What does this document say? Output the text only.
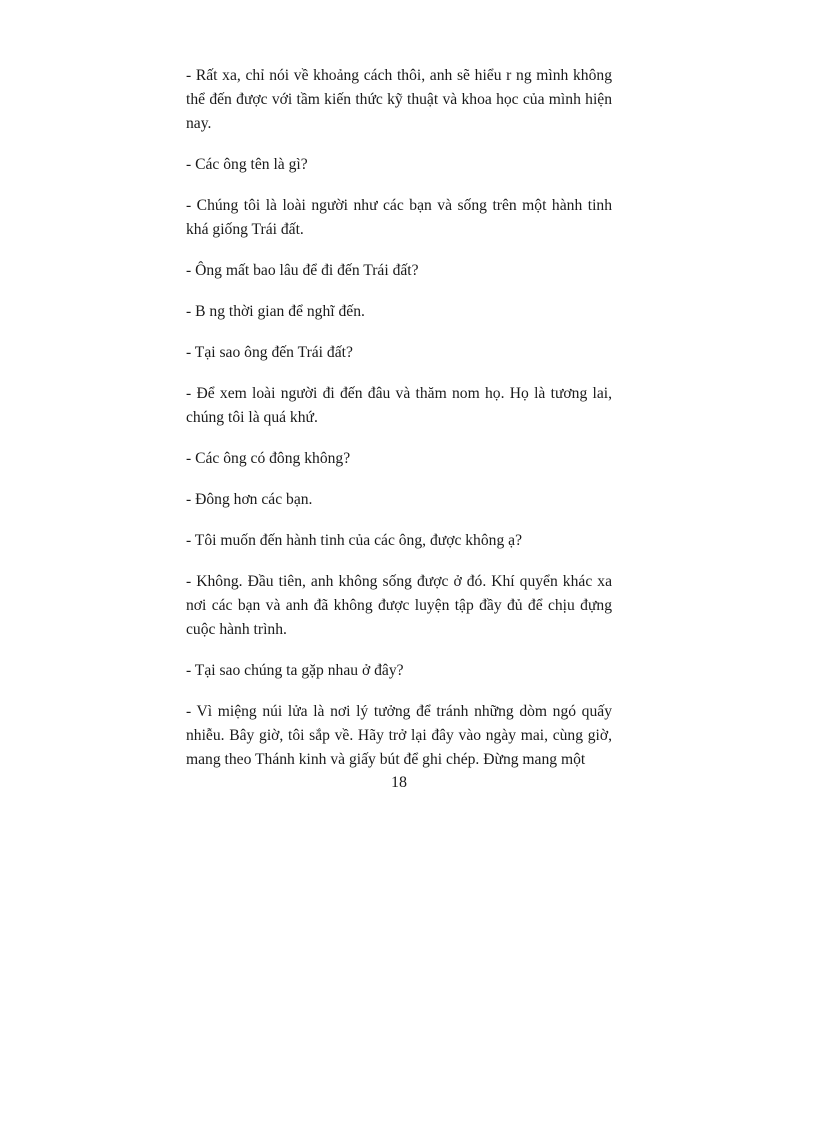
- Rất xa, chỉ nói về khoảng cách thôi, anh sẽ hiểu r ng mình không thể đến được với tầm kiến thức kỹ thuật và khoa học của mình hiện nay.

- Các ông tên là gì?

- Chúng tôi là loài người như các bạn và sống trên một hành tinh khá giống Trái đất.

- Ông mất bao lâu để đi đến Trái đất?

- B ng thời gian để nghĩ đến.

- Tại sao ông đến Trái đất?

- Để xem loài người đi đến đâu và thăm nom họ. Họ là tương lai, chúng tôi là quá khứ.

- Các ông có đông không?

- Đông hơn các bạn.

- Tôi muốn đến hành tinh của các ông, được không ạ?

- Không. Đầu tiên, anh không sống được ở đó. Khí quyển khác xa nơi các bạn và anh đã không được luyện tập đầy đủ để chịu đựng cuộc hành trình.

- Tại sao chúng ta gặp nhau ở đây?

- Vì miệng núi lửa là nơi lý tưởng để tránh những dòm ngó quấy nhiễu. Bây giờ, tôi sắp về. Hãy trở lại đây vào ngày mai, cùng giờ, mang theo Thánh kinh và giấy bút để ghi chép. Đừng mang một

18
